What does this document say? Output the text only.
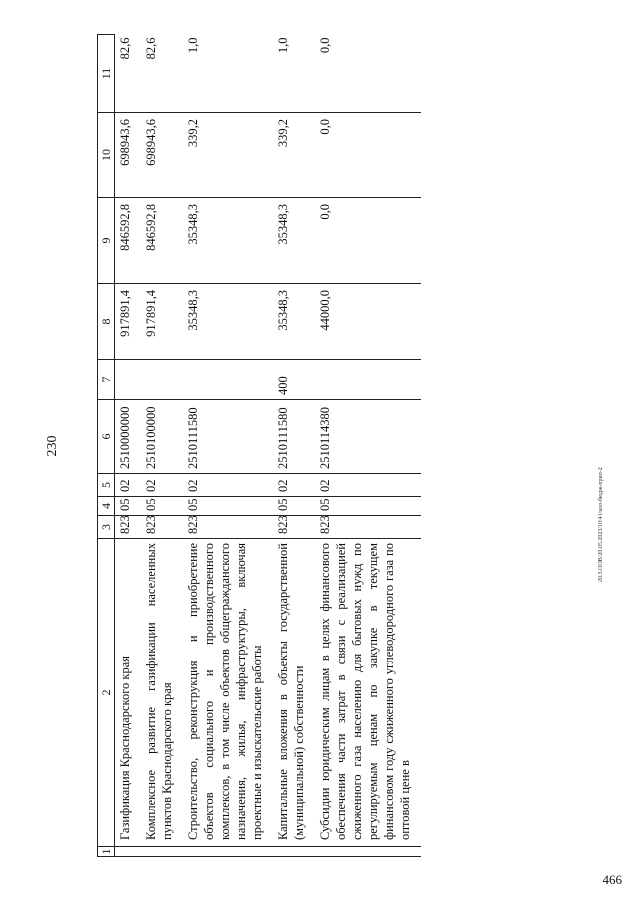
466
20.3.OOB/20.05.2023/10:41/кол-бюдж-прил-2
230
1	2	3	4	5	6	7	8	9	10	11
	Газификация Краснодарского края	823	05	02	2510000000		917891,4	846592,8	698943,6	82,6
	Комплексное развитие газификации населенных пунктов Краснодарского края	823	05	02	2510100000		917891,4	846592,8	698943,6	82,6
	Строительство, реконструкция и приобретение объектов социального и производственного комплексов, в том числе объектов общегражданского назначения, жилья, инфраструктуры, включая проектные и изыскательские работы	823	05	02	2510111580		35348,3	35348,3	339,2	1,0
	Капитальные вложения в объекты государственной (муниципальной) собственности	823	05	02	2510111580	400	35348,3	35348,3	339,2	1,0
	Субсидии юридическим лицам в целях финансового обеспечения части затрат в связи с реализацией сжиженного газа населению для бытовых нужд по регулируемым ценам по закупке в текущем финансовом году сжиженного углеводородного газа по оптовой цене в	823	05	02	2510114380		44000,0	0,0	0,0	0,0
